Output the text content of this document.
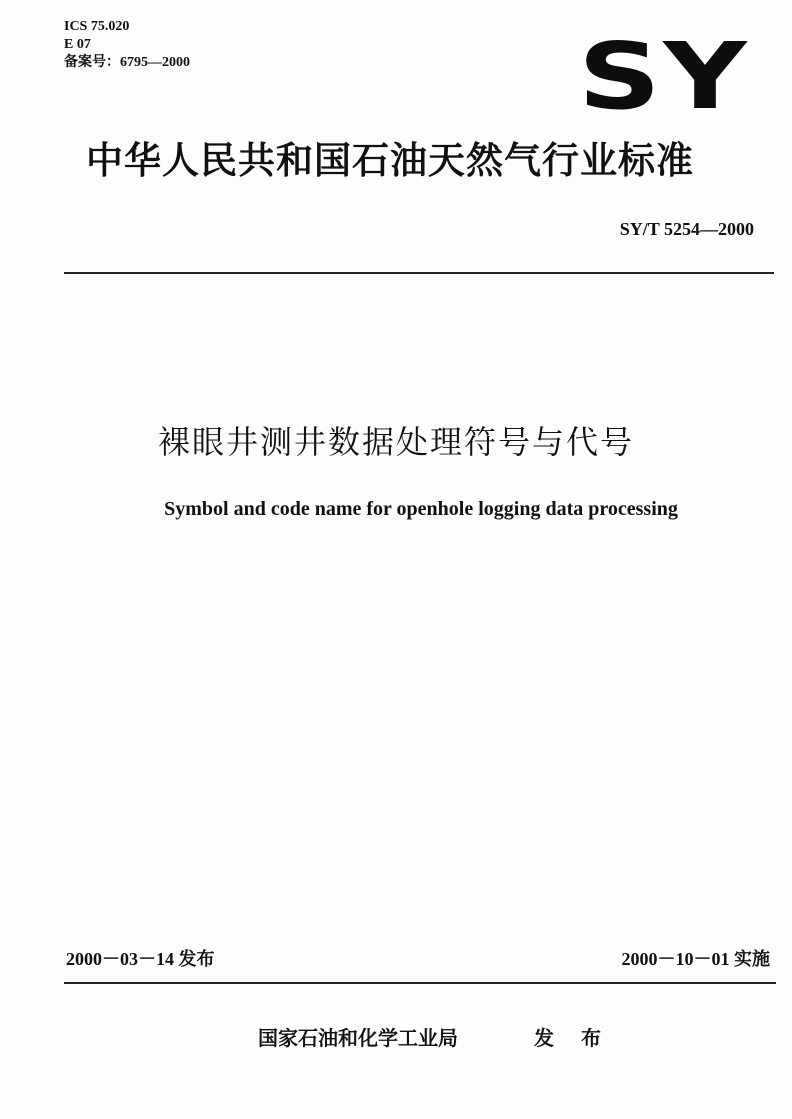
ICS 75.020
E 07
备案号：6795—2000	SY
中华人民共和国石油天然气行业标准
SY/T 5254—2000
裸眼井测井数据处理符号与代号
Symbol and code name for openhole logging data processing
2000－03－14 发布	2000－10－01 实施
国家石油和化学工业局	发 布
